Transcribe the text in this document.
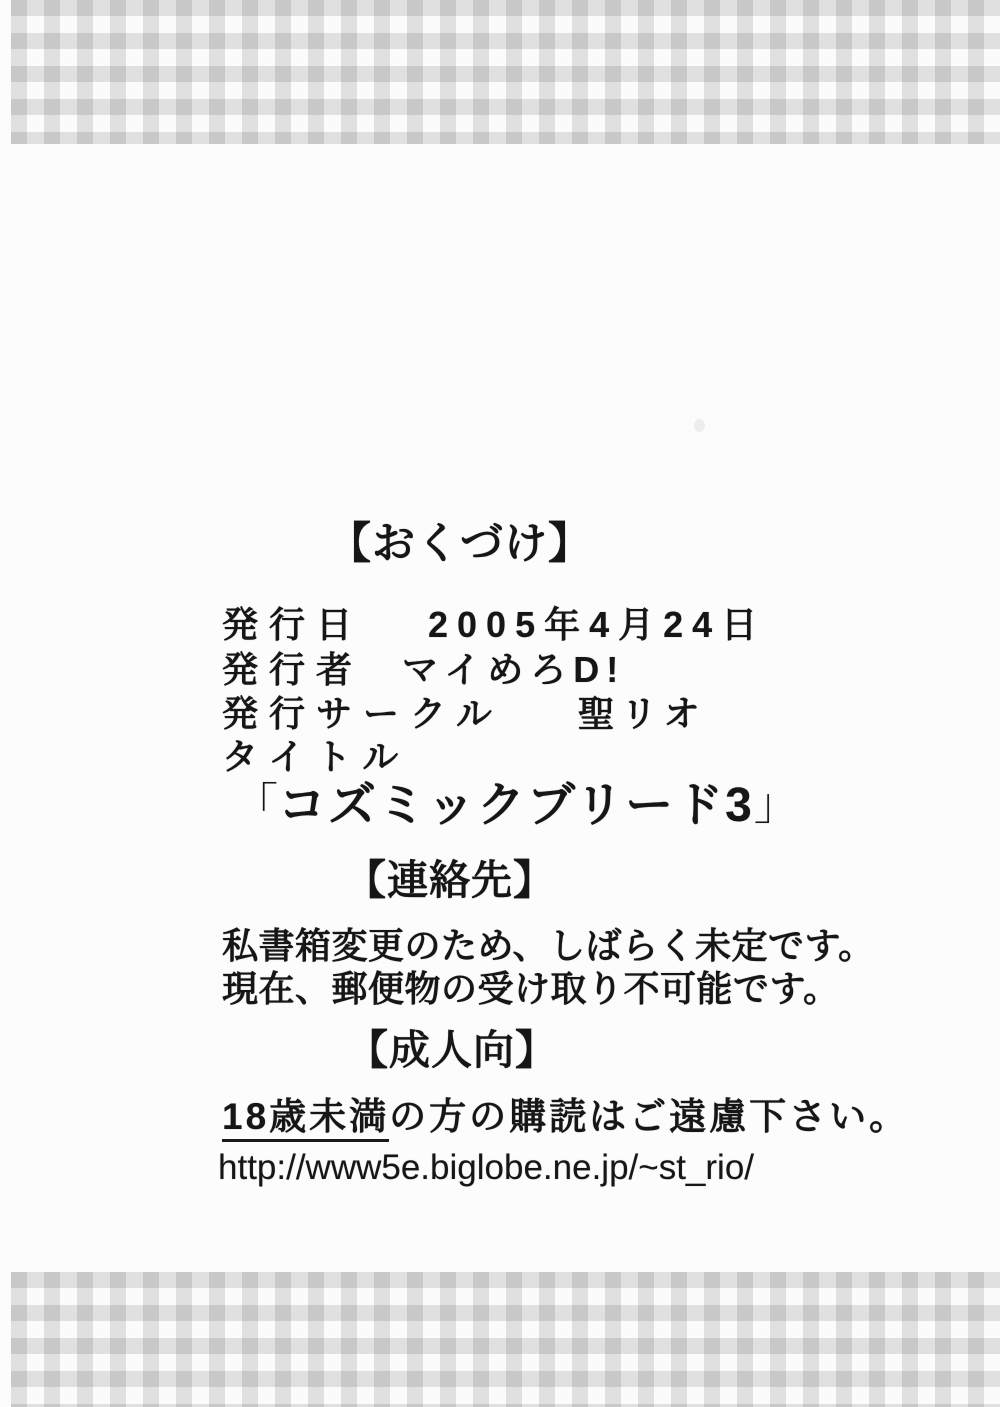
【おくづけ】
発行日 2005年4月24日
発行者 マイめろD!
発行サークル 聖リオ
タイトル

「コズミックブリード3」

【連絡先】

私書箱変更のため、しばらく未定です。

現在、郵便物の受け取り不可能です。

【成人向】

18歳未満の方の購読はご遠慮下さい。

http://www5e.biglobe.ne.jp/~st_rio/
